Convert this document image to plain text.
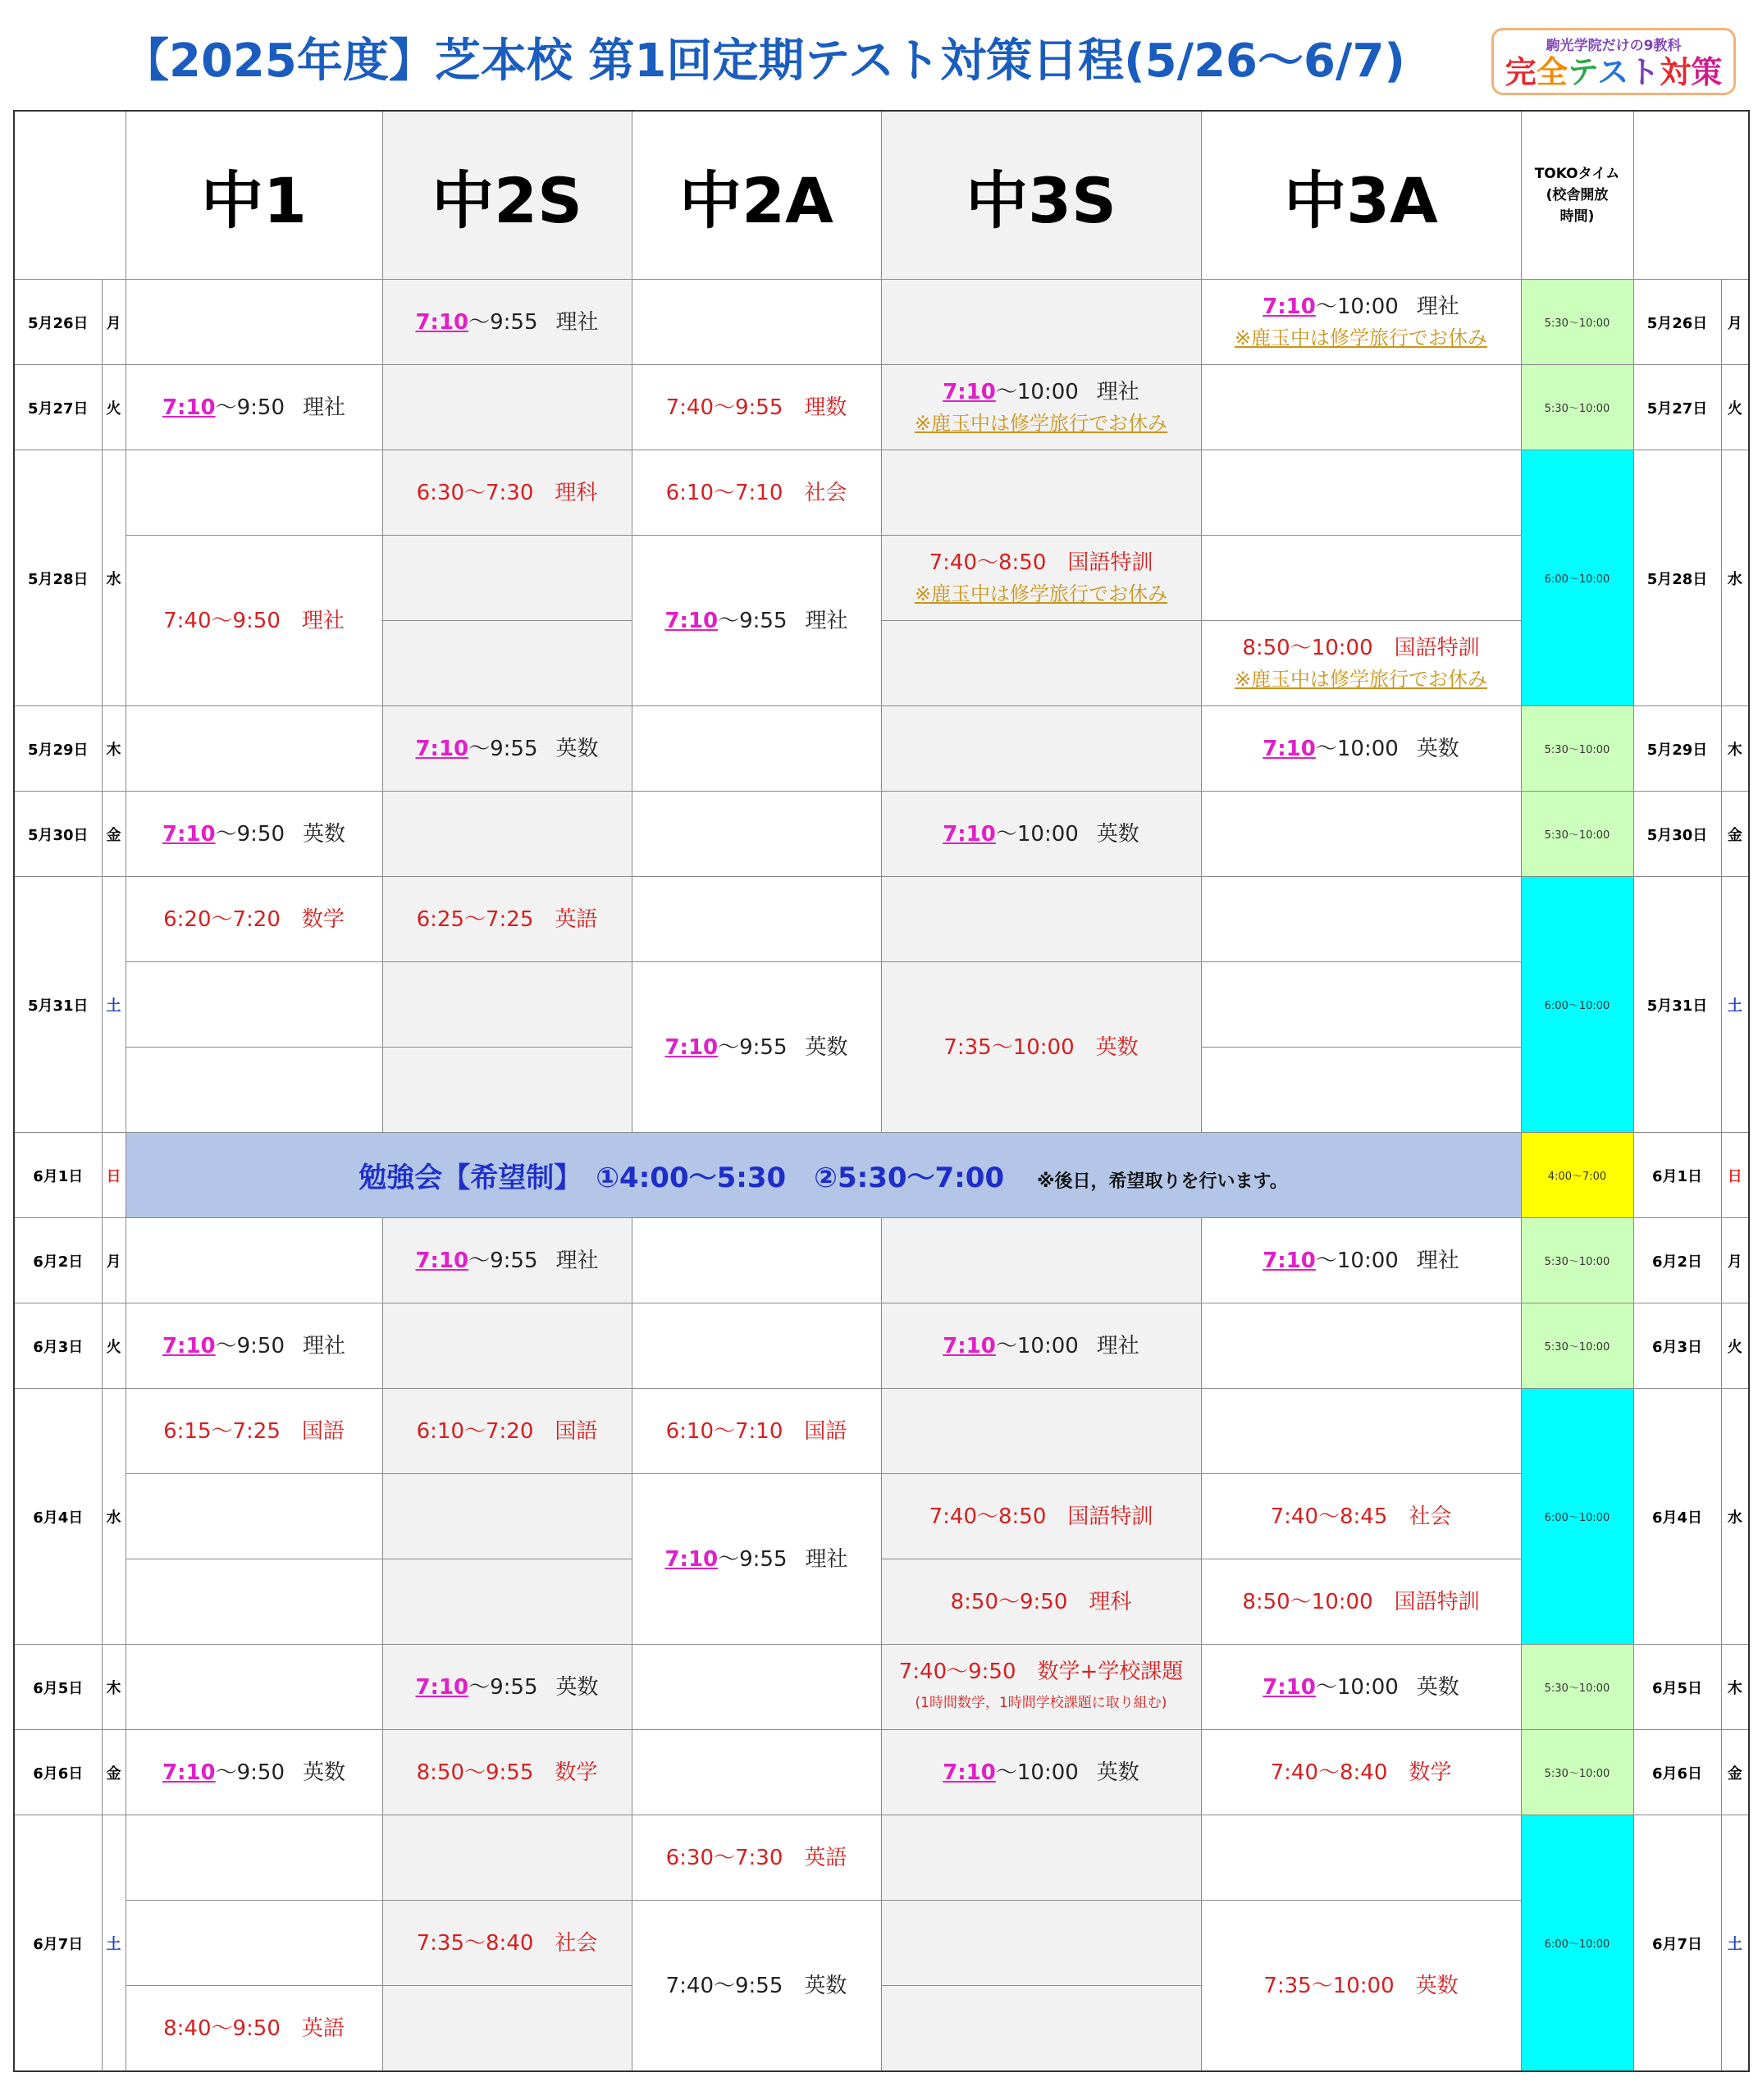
【2025年度】芝本校 第1回定期テスト対策日程(5/26〜6/7)	駒光学院だけの9教科
完全テスト対策
		中1	中2S	中2A	中3S	中3A	TOKOタイム
(校舎開放
時間)		

5月26日	月		7:10〜9:55 理社			7:10〜10:00 理社
※鹿玉中は修学旅行でお休み	5:30〜10:00	5月26日	月
5月27日	火	7:10〜9:50 理社		7:40〜9:55　理数	7:10〜10:00 理社
※鹿玉中は修学旅行でお休み		5:30〜10:00	5月27日	火
5月28日	水		6:30〜7:30　理科	6:10〜7:10　社会			6:00〜10:00	5月28日	水
		7:40〜9:50　理社		7:10〜9:55 理社	7:40〜8:50　国語特訓
※鹿玉中は修学旅行でお休み				

						8:50〜10:00　国語特訓
※鹿玉中は修学旅行でお休み			

5月29日	木		7:10〜9:55 英数			7:10〜10:00 英数	5:30〜10:00	5月29日	木
5月30日	金	7:10〜9:50 英数			7:10〜10:00 英数		5:30〜10:00	5月30日	金
5月31日	土	6:20〜7:20　数学	6:25〜7:25　英語				6:00〜10:00	5月31日	土
				7:10〜9:55 英数	7:35〜10:00　英数				

6月1日	日	勉強会【希望制】　①4:00〜5:30　②5:30〜7:00 ※後日，希望取りを行います。					4:00〜7:00	6月1日	日
6月2日	月		7:10〜9:55 理社			7:10〜10:00 理社	5:30〜10:00	6月2日	月
6月3日	火	7:10〜9:50 理社			7:10〜10:00 理社		5:30〜10:00	6月3日	火
6月4日	水	6:15〜7:25　国語	6:10〜7:20　国語	6:10〜7:10　国語			6:00〜10:00	6月4日	水
				7:10〜9:55 理社	7:40〜8:50　国語特訓	7:40〜8:45　社会			
					8:50〜9:50　理科	8:50〜10:00　国語特訓			
6月5日	木		7:10〜9:55 英数		7:40〜9:50　数学+学校課題
(1時間数学，1時間学校課題に取り組む)	7:10〜10:00 英数	5:30〜10:00	6月5日	木
6月6日	金	7:10〜9:50 英数	8:50〜9:55　数学		7:10〜10:00 英数	7:40〜8:40　数学	5:30〜10:00	6月6日	金
6月7日	土			6:30〜7:30　英語			6:00〜10:00	6月7日	土
			7:35〜8:40　社会	7:40〜9:55　英数		7:35〜10:00　英数			
		8:40〜9:50　英語							
